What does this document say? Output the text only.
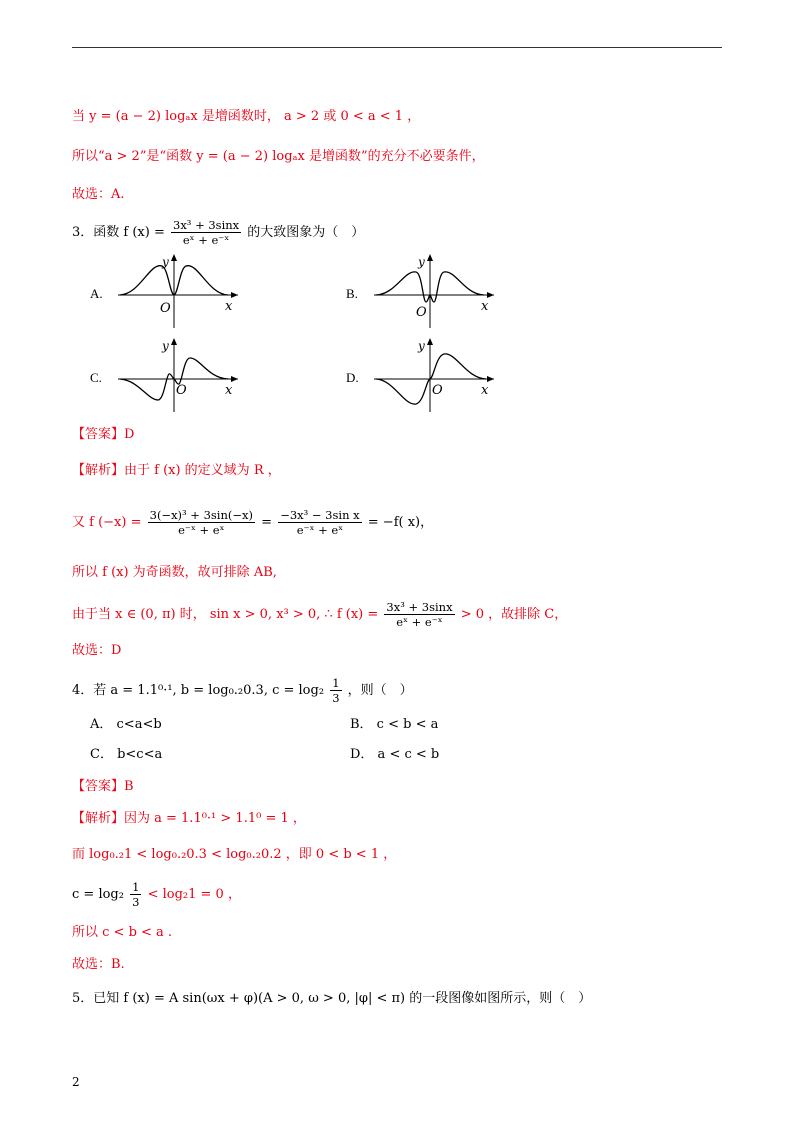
当 y = (a − 2) logₐx 是增函数时， a > 2 或 0 < a < 1 ，
所以“a > 2”是“函数 y = (a − 2) logₐx 是增函数”的充分不必要条件，
故选：A.
3．函数 f $(x) = \frac{\text{3x³ + 3sinx}}{\text{eˣ + e⁻ˣ}}$ 的大致图象为（　）
A.
y
O	x
B.
y
O	x
C.
y
O	x
D.
y
O	x
【答案】D
【解析】由于 f (x) 的定义域为 R ，
又 f $(-x) = \frac{\text{3(−x)³ + 3sin(−x)}}{\text{e⁻ˣ + eˣ}} = \frac{\text{−3x³ − 3sin x}}{\text{e⁻ˣ + eˣ}} = -f$( x)，
所以 f (x) 为奇函数，故可排除 AB,
由于当 x ∈ (0, π) 时， sin x > 0, x³ > 0, ∴ f $(x) = \frac{\text{3x³ + 3sinx}}{\text{eˣ + e⁻ˣ}} > 0$ ，故排除 C，
故选：D
4．若 a = 1.1⁰·¹, b = log₀.₂0.3, $c = \log_2 \frac{1}{3}$ ，则（　）
A． c<a<b	B． c < b < a
C． b<c<a	D． a < c < b
【答案】B
【解析】因为 a = 1.1⁰·¹ > 1.1⁰ = 1 ，
而 log₀.₂1 < log₀.₂0.3 < log₀.₂0.2 ，即 0 < b < 1 ，
$c = \log_2 \frac{1}{3} < \log_21 = 0$ ，
所以 c < b < a .
故选：B.
5．已知 f (x) = A sin(ωx + φ)(A > 0, ω > 0, |φ| < π) 的一段图像如图所示，则（　）
2
